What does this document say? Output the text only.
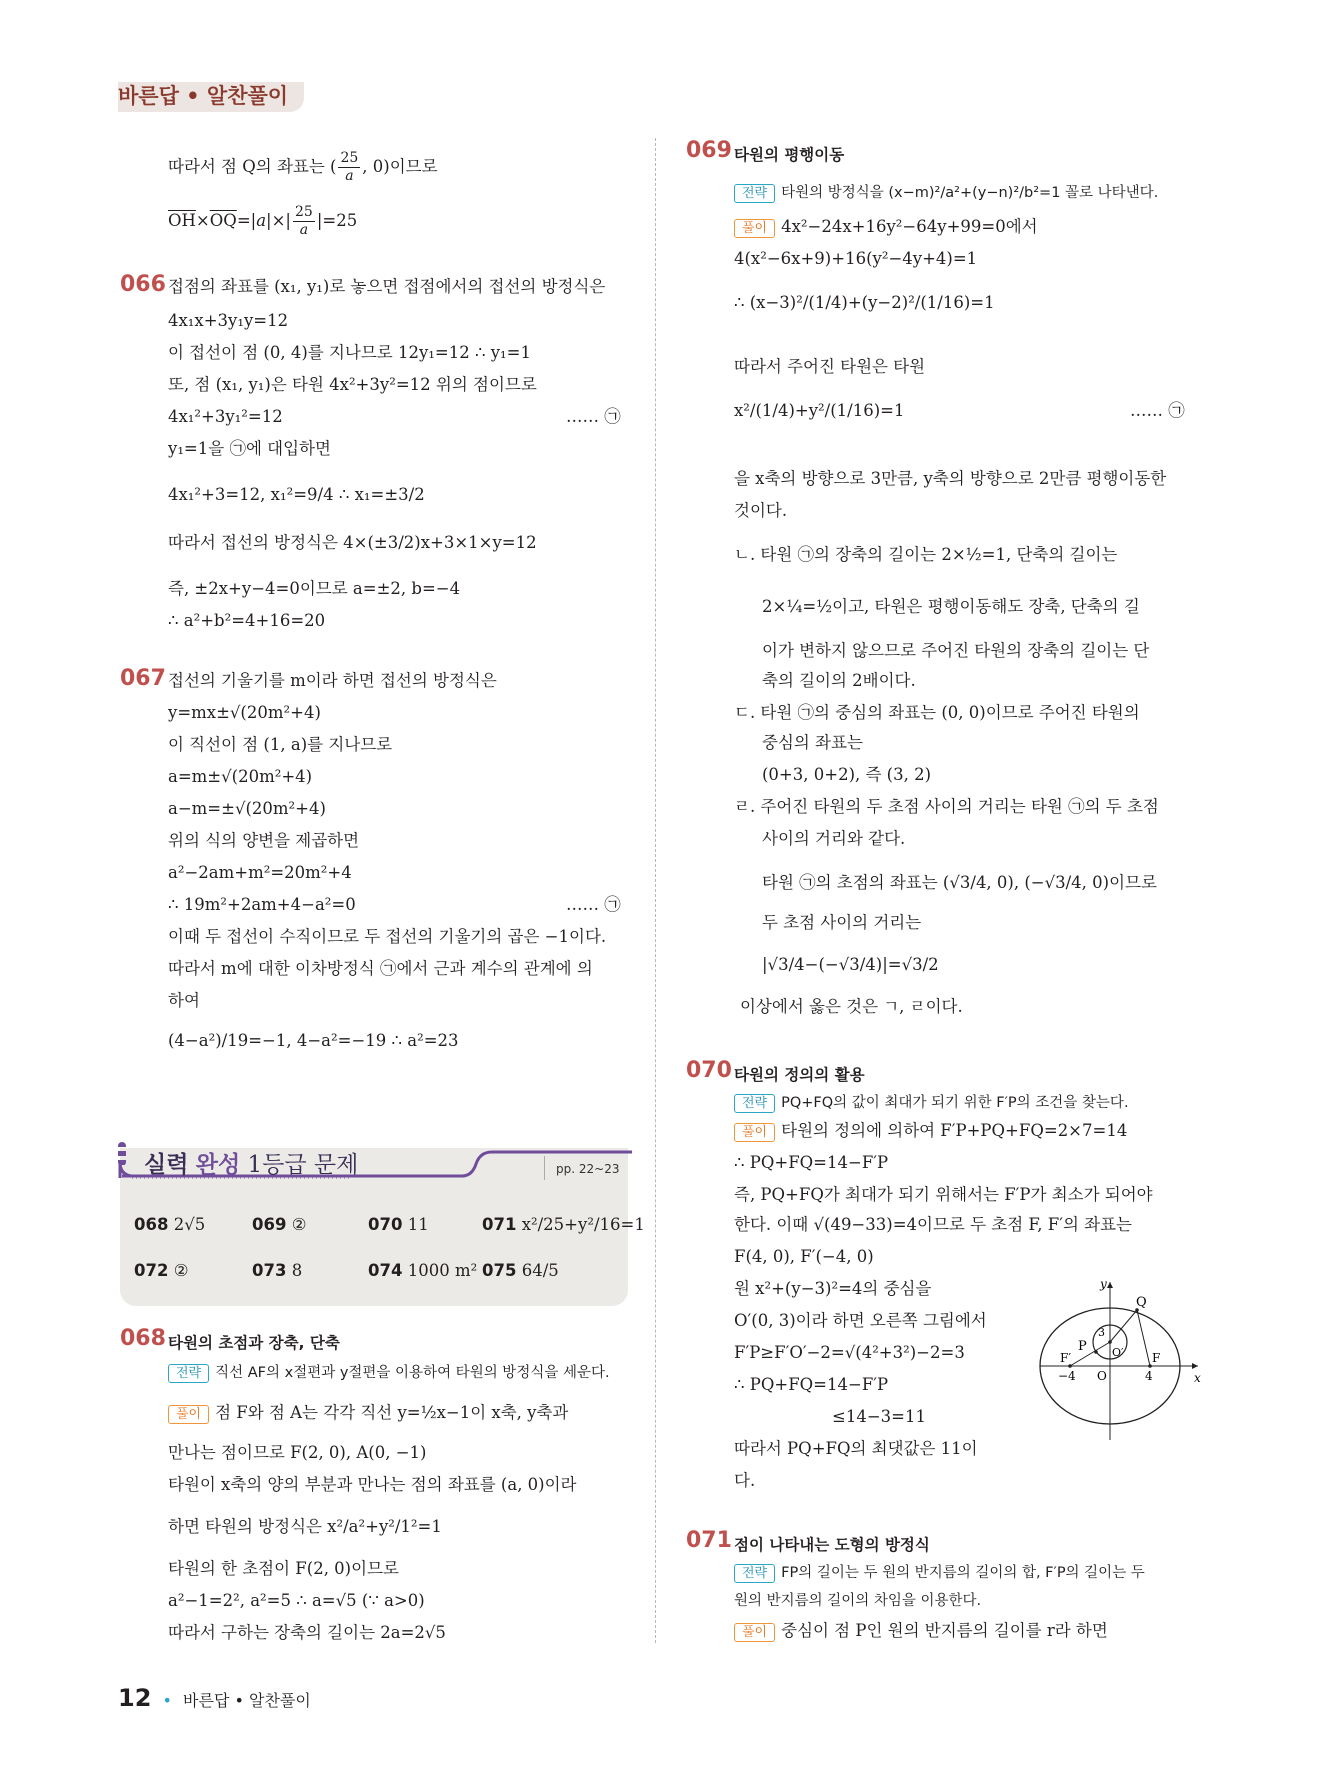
바른답 • 알찬풀이
따라서 점 Q의 좌표는 ( $\frac{25}{a}$ , 0)이므로
$\overline{OH}\times\overline{OQ}=|a|\times| \frac{25}{a} |=25$
066 접점의 좌표를 (x₁, y₁)로 놓으면 접점에서의 접선의 방정식은
4x₁x+3y₁y=12
이 접선이 점 (0, 4)를 지나므로 12y₁=12 ∴ y₁=1
또, 점 (x₁, y₁)은 타원 4x²+3y²=12 위의 점이므로
4x₁²+3y₁²=12	…… ㉠
y₁=1을 ㉠에 대입하면
4x₁²+3=12, x₁²=9/4 ∴ x₁=±3/2
따라서 접선의 방정식은 4×(±3/2)x+3×1×y=12
즉, ±2x+y−4=0이므로 a=±2, b=−4
∴ a²+b²=4+16=20
067 접선의 기울기를 m이라 하면 접선의 방정식은
y=mx±√(20m²+4)
이 직선이 점 (1, a)를 지나므로
a=m±√(20m²+4)
a−m=±√(20m²+4)
위의 식의 양변을 제곱하면
a²−2am+m²=20m²+4
∴ 19m²+2am+4−a²=0	…… ㉠
이때 두 접선이 수직이므로 두 접선의 기울기의 곱은 −1이다.
따라서 m에 대한 이차방정식 ㉠에서 근과 계수의 관계에 의
하여
(4−a²)/19=−1, 4−a²=−19 ∴ a²=23
실력 완성 1등급 문제	pp. 22~23
068 2√5	069 ②	070 11	071 x²/25+y²/16=1
072 ②	073 8	074 1000 m² 075 64/5
068 타원의 초점과 장축, 단축
전략 직선 AF의 x절편과 y절편을 이용하여 타원의 방정식을 세운다.
풀이 점 F와 점 A는 각각 직선 y=½x−1이 x축, y축과
만나는 점이므로 F(2, 0), A(0, −1)
타원이 x축의 양의 부분과 만나는 점의 좌표를 (a, 0)이라
하면 타원의 방정식은 x²/a²+y²/1²=1
타원의 한 초점이 F(2, 0)이므로
a²−1=2², a²=5 ∴ a=√5 (∵ a>0)
따라서 구하는 장축의 길이는 2a=2√5
069 타원의 평행이동
전략 타원의 방정식을 (x−m)²/a²+(y−n)²/b²=1 꼴로 나타낸다.
풀이 4x²−24x+16y²−64y+99=0에서
4(x²−6x+9)+16(y²−4y+4)=1
∴ (x−3)²/(1/4)+(y−2)²/(1/16)=1
따라서 주어진 타원은 타원
x²/(1/4)+y²/(1/16)=1	…… ㉠
을 x축의 방향으로 3만큼, y축의 방향으로 2만큼 평행이동한
것이다.
ㄴ. 타원 ㉠의 장축의 길이는 2×½=1, 단축의 길이는
2×¼=½이고, 타원은 평행이동해도 장축, 단축의 길
이가 변하지 않으므로 주어진 타원의 장축의 길이는 단
축의 길이의 2배이다.
ㄷ. 타원 ㉠의 중심의 좌표는 (0, 0)이므로 주어진 타원의
중심의 좌표는
(0+3, 0+2), 즉 (3, 2)
ㄹ. 주어진 타원의 두 초점 사이의 거리는 타원 ㉠의 두 초점
사이의 거리와 같다.
타원 ㉠의 초점의 좌표는 (√3/4, 0), (−√3/4, 0)이므로
두 초점 사이의 거리는
|√3/4−(−√3/4)|=√3/2
이상에서 옳은 것은 ㄱ, ㄹ이다.
070 타원의 정의의 활용
전략 PQ+FQ의 값이 최대가 되기 위한 F′P의 조건을 찾는다.
풀이 타원의 정의에 의하여 F′P+PQ+FQ=2×7=14
∴ PQ+FQ=14−F′P
즉, PQ+FQ가 최대가 되기 위해서는 F′P가 최소가 되어야
한다. 이때 √(49−33)=4이므로 두 초점 F, F′의 좌표는
F(4, 0), F′(−4, 0)
원 x²+(y−3)²=4의 중심을
O′(0, 3)이라 하면 오른쪽 그림에서
F′P≥F′O′−2=√(4²+3²)−2=3
∴ PQ+FQ=14−F′P
≤14−3=11
따라서 PQ+FQ의 최댓값은 11이
다.
y
x
Q
P
3
O′
F′	F
−4 O	4
071 점이 나타내는 도형의 방정식
전략 FP의 길이는 두 원의 반지름의 길이의 합, F′P의 길이는 두
원의 반지름의 길이의 차임을 이용한다.
풀이 중심이 점 P인 원의 반지름의 길이를 r라 하면
12 • 바른답 • 알찬풀이
